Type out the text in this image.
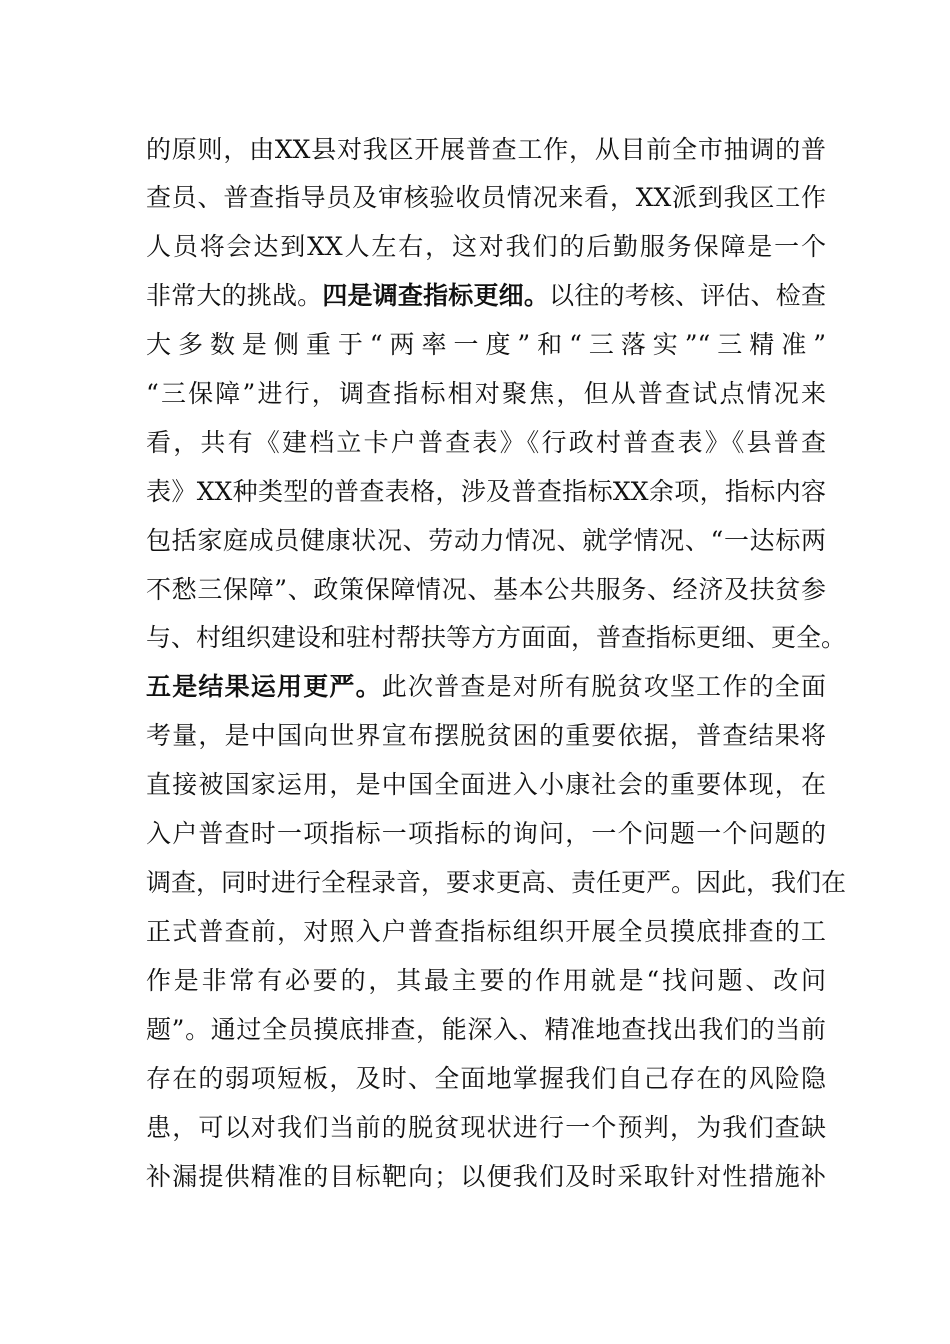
的原则，由XX县对我区开展普查工作，从目前全市抽调的普
查员、普查指导员及审核验收员情况来看，XX派到我区工作
人员将会达到XX人左右，这对我们的后勤服务保障是一个
非常大的挑战。四是调查指标更细。以往的考核、评估、检查
大多数是侧重于“两率一度”和“三落实”“三精准”
“三保障”进行，调查指标相对聚焦，但从普查试点情况来
看，共有《建档立卡户普查表》《行政村普查表》《县普查
表》XX种类型的普查表格，涉及普查指标XX余项，指标内容
包括家庭成员健康状况、劳动力情况、就学情况、“一达标两
不愁三保障”、政策保障情况、基本公共服务、经济及扶贫参
与、村组织建设和驻村帮扶等方方面面，普查指标更细、更全。
五是结果运用更严。此次普查是对所有脱贫攻坚工作的全面
考量，是中国向世界宣布摆脱贫困的重要依据，普查结果将
直接被国家运用，是中国全面进入小康社会的重要体现，在
入户普查时一项指标一项指标的询问，一个问题一个问题的
调查，同时进行全程录音，要求更高、责任更严。因此，我们在
正式普查前，对照入户普查指标组织开展全员摸底排查的工
作是非常有必要的，其最主要的作用就是“找问题、改问
题”。通过全员摸底排查，能深入、精准地查找出我们的当前
存在的弱项短板，及时、全面地掌握我们自己存在的风险隐
患，可以对我们当前的脱贫现状进行一个预判，为我们查缺
补漏提供精准的目标靶向；以便我们及时采取针对性措施补
